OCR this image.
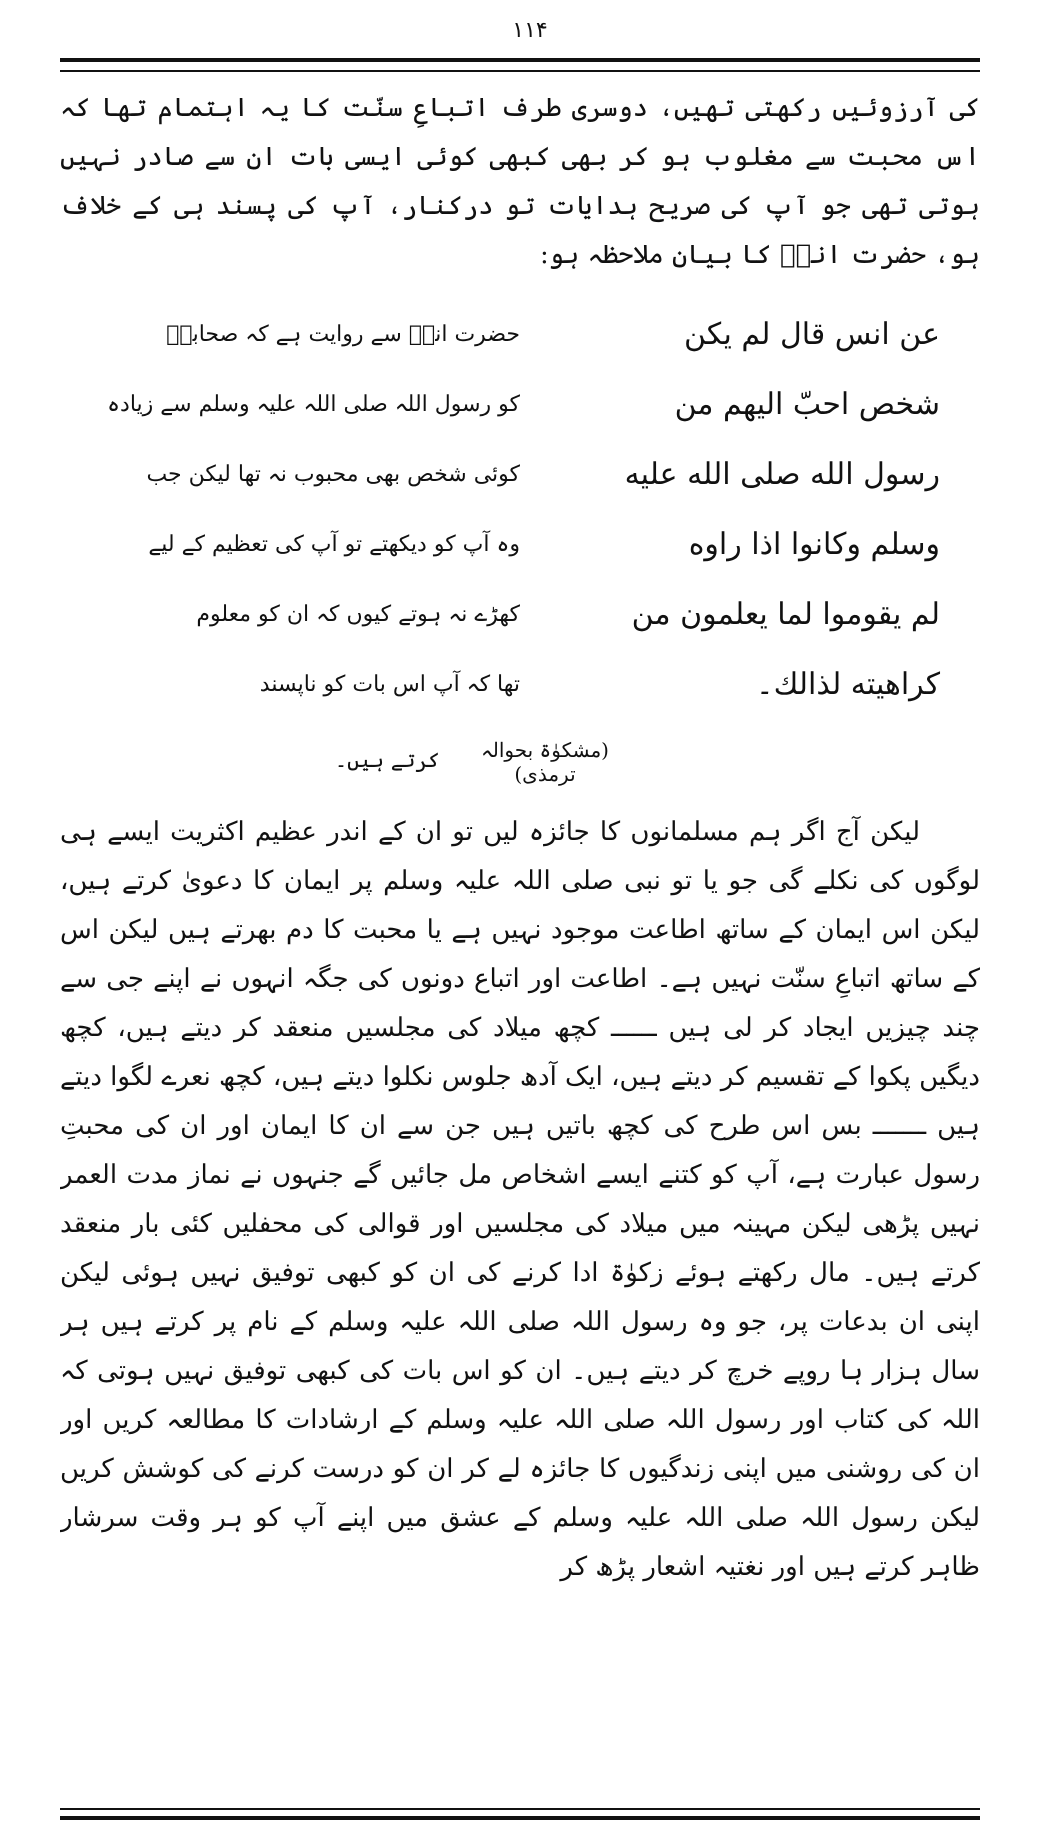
۱۱۴

کی آرزوئیں رکھتی تھیں، دوسری طرف اتباعِ سنّت کا یہ اہتمام تھا کہ اس محبت سے مغلوب ہو کر بھی کبھی کوئی ایسی بات ان سے صادر نہیں ہوتی تھی جو آپ کی صریح ہدایات تو درکنار، آپ کی پسند ہی کے خلاف ہو، حضرت انسؓ کا بیان ملاحظہ ہو:

عن انس قال لم یکن
حضرت انسؓ سے روایت ہے کہ صحابہؓ
شخص احبّ الیهم من
کو رسول اللہ صلی اللہ علیہ وسلم سے زیادہ
رسول الله صلی الله علیه
کوئی شخص بھی محبوب نہ تھا لیکن جب
وسلم وکانوا اذا راوه
وہ آپ کو دیکھتے تو آپ کی تعظیم کے لیے
لم یقوموا لما یعلمون من
کھڑے نہ ہوتے کیوں کہ ان کو معلوم
کراهیته لذالك۔
تھا کہ آپ اس بات کو ناپسند
(مشکوٰۃ بحوالہ ترمذی)
کرتے ہیں۔

لیکن آج اگر ہم مسلمانوں کا جائزہ لیں تو ان کے اندر عظیم اکثریت ایسے ہی لوگوں کی نکلے گی جو یا تو نبی صلی اللہ علیہ وسلم پر ایمان کا دعویٰ کرتے ہیں، لیکن اس ایمان کے ساتھ اطاعت موجود نہیں ہے یا محبت کا دم بھرتے ہیں لیکن اس کے ساتھ اتباعِ سنّت نہیں ہے۔ اطاعت اور اتباع دونوں کی جگہ انہوں نے اپنے جی سے چند چیزیں ایجاد کر لی ہیں ــــــ کچھ میلاد کی مجلسیں منعقد کر دیتے ہیں، کچھ دیگیں پکوا کے تقسیم کر دیتے ہیں، ایک آدھ جلوس نکلوا دیتے ہیں، کچھ نعرے لگوا دیتے ہیں ـــــــ بس اس طرح کی کچھ باتیں ہیں جن سے ان کا ایمان اور ان کی محبتِ رسول عبارت ہے، آپ کو کتنے ایسے اشخاص مل جائیں گے جنہوں نے نماز مدت العمر نہیں پڑھی لیکن مہینہ میں میلاد کی مجلسیں اور قوالی کی محفلیں کئی بار منعقد کرتے ہیں۔ مال رکھتے ہوئے زکوٰۃ ادا کرنے کی ان کو کبھی توفیق نہیں ہوئی لیکن اپنی ان بدعات پر، جو وہ رسول اللہ صلی اللہ علیہ وسلم کے نام پر کرتے ہیں ہر سال ہزار ہا روپے خرچ کر دیتے ہیں۔ ان کو اس بات کی کبھی توفیق نہیں ہوتی کہ اللہ کی کتاب اور رسول اللہ صلی اللہ علیہ وسلم کے ارشادات کا مطالعہ کریں اور ان کی روشنی میں اپنی زندگیوں کا جائزہ لے کر ان کو درست کرنے کی کوشش کریں لیکن رسول اللہ صلی اللہ علیہ وسلم کے عشق میں اپنے آپ کو ہر وقت سرشار ظاہر کرتے ہیں اور نغتیہ اشعار پڑھ کر
